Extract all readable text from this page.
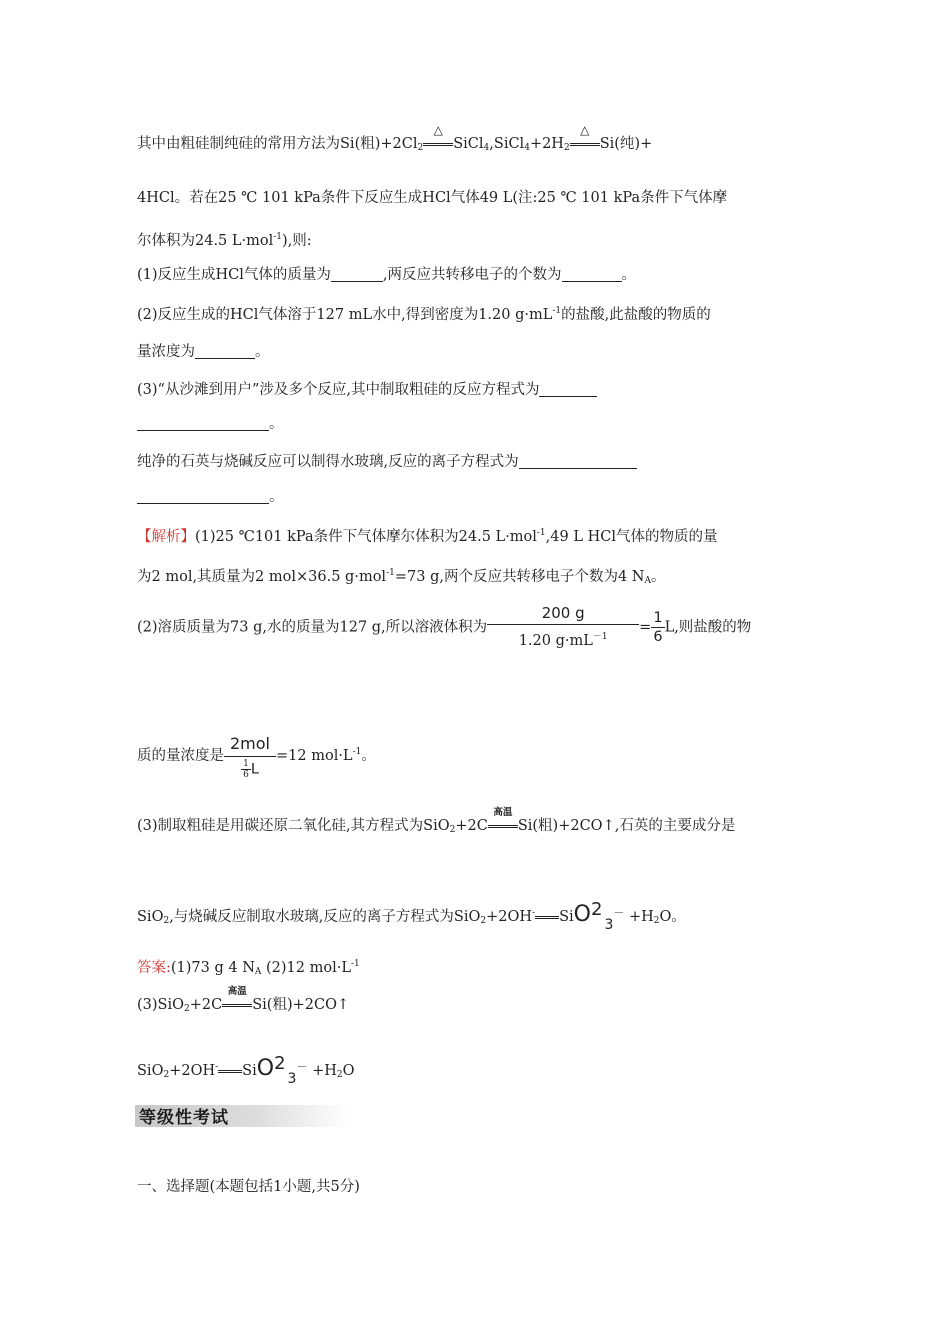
其中由粗硅制纯硅的常用方法为Si(粗)$+2Cl_2$
△
$SiCl_4,SiCl_4+2H_2$
△
Si(纯)+
4HCl。若在25 ℃ 101 kPa条件下反应生成HCl气体49 L(注:25 ℃ 101 kPa条件下气体摩
尔体积为24.5 L·mol$^{-1}$),则:
(1)反应生成HCl气体的质量为	,两反应共转移电子的个数为	。
(2)反应生成的HCl气体溶于127 mL水中,得到密度为1.20 $g\cdot mL^{-1}$的盐酸,此盐酸的物质的
量浓度为	。
(3)“从沙滩到用户”涉及多个反应,其中制取粗硅的反应方程式为
。
纯净的石英与烧碱反应可以制得水玻璃,反应的离子方程式为
。
【解析】(1)25 ℃101 kPa条件下气体摩尔体积为24.5 L·mol$^{-1}$,49 L HCl气体的物质的量
为2 mol,其质量为2 mol×36.5 g·mol$^{-1}$=73 g,两个反应共转移电子个数为4 $N_A$。
(2)溶质质量为73 g,水的质量为127 g,所以溶液体积为 $\frac{200 g}{1.20 g\cdot mL^{-1}} = \frac{1}{6} L$,则盐酸的物
质的量浓度是 $\frac{\text{2mol}}{\frac{1}{6} L} =12$ $mol\cdot L^{-1}$。
(3)制取粗硅是用碳还原二氧化硅,其方程式为SiO$_2$+2C
高温
Si(粗)+2CO↑,石英的主要成分是
SiO$_2$,与烧碱反应制取水玻璃,反应的离子方程式为SiO$_2$+2OH- $SiO23^- +H_2O$。
答案:(1)73 g 4 $N_A$ (2)12 $mol\cdot L^{-1}$
(3)SiO$_2$+2C
高温
Si(粗)+2CO↑
SiO$_2$+2OH- $SiO23^- +H_2O$
等级性考试
一、选择题(本题包括1小题,共5分)
